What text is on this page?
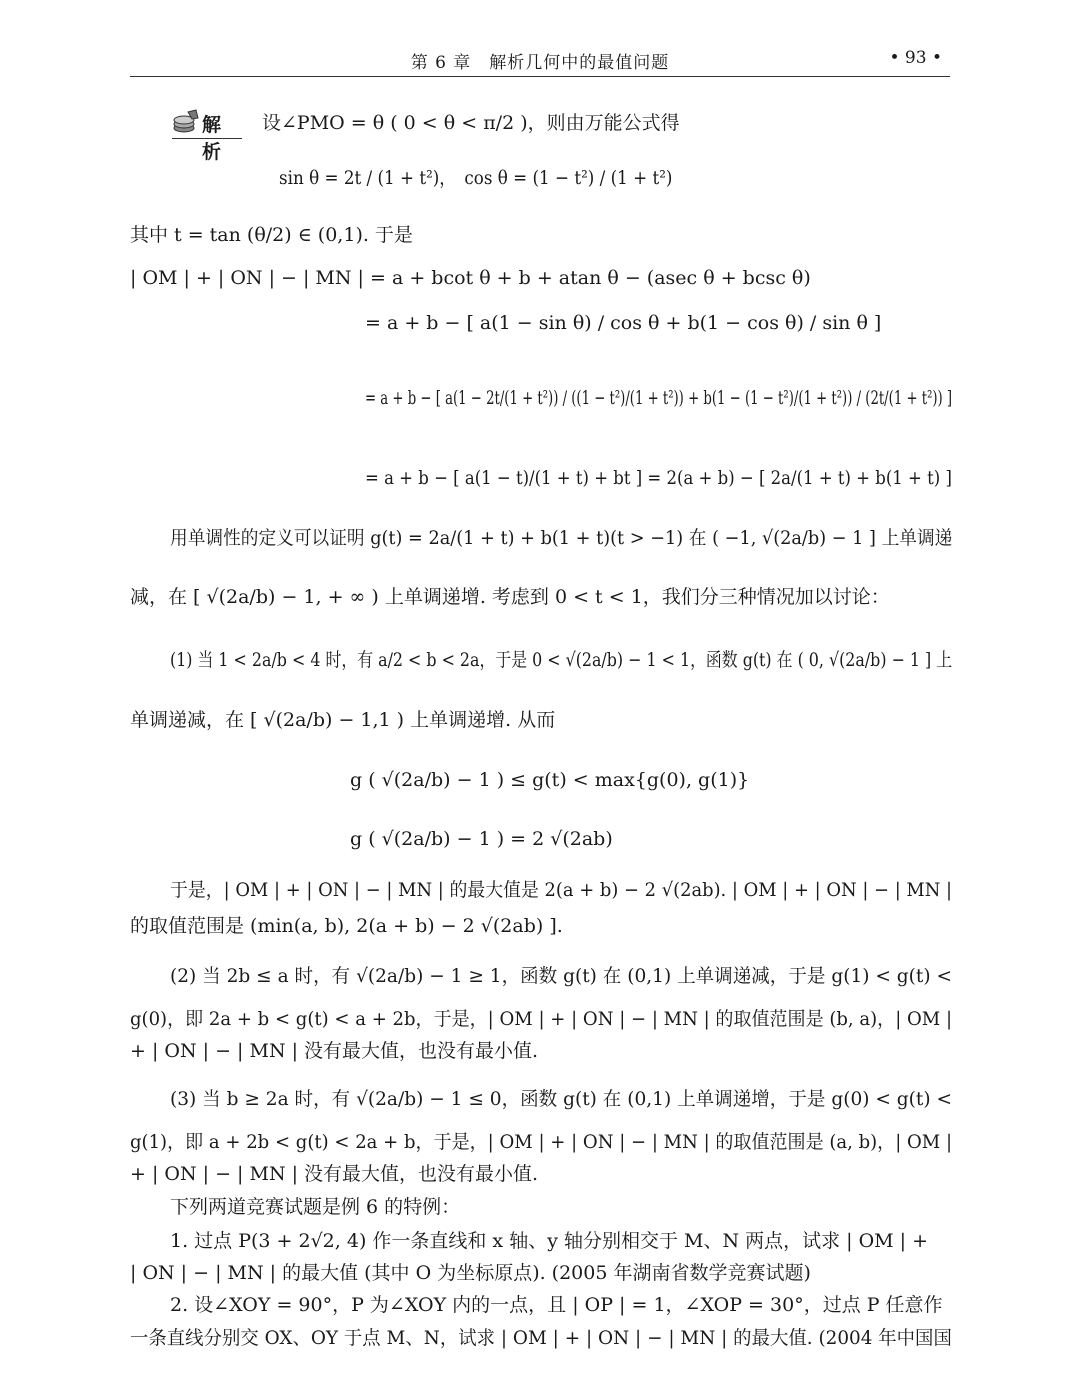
第 6 章　解析几何中的最值问题	• 93 •
解析
设∠PMO = θ ( 0 < θ < π/2 )，则由万能公式得
sin θ = 2t / (1 + t²)，　cos θ = (1 − t²) / (1 + t²)
其中 t = tan (θ/2) ∈ (0,1). 于是
| OM | + | ON | − | MN | = a + bcot θ + b + atan θ − (asec θ + bcsc θ)
= a + b − [ a(1 − sin θ) / cos θ + b(1 − cos θ) / sin θ ]
= a + b − [ a(1 − 2t/(1 + t²)) / ((1 − t²)/(1 + t²)) + b(1 − (1 − t²)/(1 + t²)) / (2t/(1 + t²)) ]
= a + b − [ a(1 − t)/(1 + t) + bt ] = 2(a + b) − [ 2a/(1 + t) + b(1 + t) ]
用单调性的定义可以证明 g(t) = 2a/(1 + t) + b(1 + t)(t > −1) 在 ( −1, √(2a/b) − 1 ] 上单调递
减，在 [ √(2a/b) − 1, + ∞ ) 上单调递增. 考虑到 0 < t < 1，我们分三种情况加以讨论：
(1) 当 1 < 2a/b < 4 时，有 a/2 < b < 2a，于是 0 < √(2a/b) − 1 < 1，函数 g(t) 在 ( 0, √(2a/b) − 1 ] 上
单调递减，在 [ √(2a/b) − 1,1 ) 上单调递增. 从而
g ( √(2a/b) − 1 ) ≤ g(t) < max{g(0), g(1)}
g ( √(2a/b) − 1 ) = 2 √(2ab)
于是，| OM | + | ON | − | MN | 的最大值是 2(a + b) − 2 √(2ab). | OM | + | ON | − | MN |
的取值范围是 (min(a, b), 2(a + b) − 2 √(2ab) ].
(2) 当 2b ≤ a 时，有 √(2a/b) − 1 ≥ 1，函数 g(t) 在 (0,1) 上单调递减，于是 g(1) < g(t) <
g(0)，即 2a + b < g(t) < a + 2b，于是，| OM | + | ON | − | MN | 的取值范围是 (b, a)，| OM |
+ | ON | − | MN | 没有最大值，也没有最小值.
(3) 当 b ≥ 2a 时，有 √(2a/b) − 1 ≤ 0，函数 g(t) 在 (0,1) 上单调递增，于是 g(0) < g(t) <
g(1)，即 a + 2b < g(t) < 2a + b，于是，| OM | + | ON | − | MN | 的取值范围是 (a, b)，| OM |
+ | ON | − | MN | 没有最大值，也没有最小值.
下列两道竞赛试题是例 6 的特例：
1. 过点 P(3 + 2√2, 4) 作一条直线和 x 轴、y 轴分别相交于 M、N 两点，试求 | OM | +
| ON | − | MN | 的最大值 (其中 O 为坐标原点). (2005 年湖南省数学竞赛试题)
2. 设∠XOY = 90°，P 为∠XOY 内的一点，且 | OP | = 1，∠XOP = 30°，过点 P 任意作
一条直线分别交 OX、OY 于点 M、N，试求 | OM | + | ON | − | MN | 的最大值. (2004 年中国国
